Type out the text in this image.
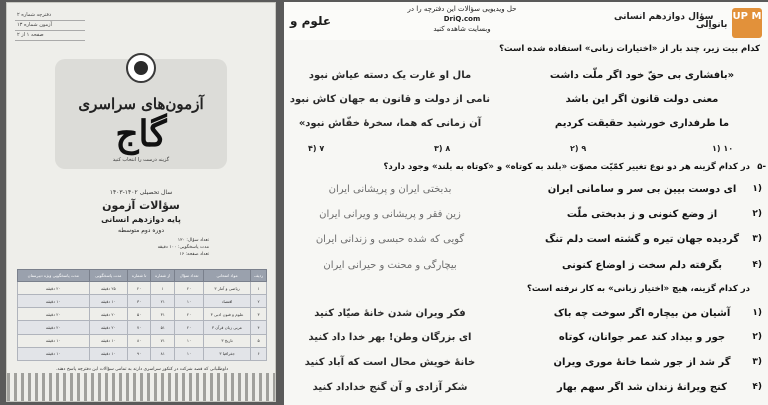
دفترچه شماره ۲
آزمون شماره ۱۳
صفحه ۱ از ۲
آزمون‌های سراسری
گاج
گزینه درست را انتخاب کنید
سال تحصیلی ۱۴۰۲-۱۴۰۳
سؤالات آزمون
پایه دوازدهم انسانی
دوره دوم متوسطه
تعداد سؤال: ۱۲۰
مدت پاسخگویی: ۱۰۰ دقیقه
تعداد صفحه: ۱۶
ردیف	مواد امتحانی	تعداد سؤال	از شماره	تا شماره	مدت پاسخگویی	مدت پاسخگویی ویژه دبیرستان
۱	ریاضی و آمار ۳	۲۰	۱	۲۰	۲۵ دقیقه	۲۰ دقیقه
۲	اقتصاد	۱۰	۲۱	۳۰	۱۰ دقیقه	۱۰ دقیقه
۳	علوم و فنون ادبی ۳	۲۰	۳۱	۵۰	۲۰ دقیقه	۲۰ دقیقه
۴	عربی زبان قرآن ۳	۲۰	۵۱	۷۰	۲۰ دقیقه	۲۰ دقیقه
۵	تاریخ ۳	۱۰	۷۱	۸۰	۱۰ دقیقه	۱۰ دقیقه
۶	جغرافیا ۳	۱۰	۸۱	۹۰	۱۰ دقیقه	۱۰ دقیقه
داوطلبانی که قصد شرکت در کنکور سراسری دارند به تمامی سؤالات این دفترچه پاسخ دهند.
علوم و
حل ویدیویی سؤالات این دفترچه را در
DriQ.com
وبسایت شاهده کنید
سؤال دوازدهم انسانی
بانواِلی
UP M
کدام بیت زیر، چند بار از «اختیارات زبانی» استفاده شده است؟
«بافشاری بی حقّ خود اگر ملّت داشت
مال او غارت یک دسته عیاش نبود
معنی دولت قانون اگر این باشد
نامی از دولت و قانون به جهان کاش نبود
ما طرفداری خورشید حقیقت کردیم
آن زمانی که هما، سخرهٔ خفّاش نبود»
۱۰ (۱
۹ (۲
۸ (۳
۷ (۴
۵-
در کدام گزینه هر دو نوع تغییر کمّیّت مصوّت «بلند به کوتاه» و «کوتاه به بلند» وجود دارد؟
۱)
ای دوست بیین بی سر و سامانی ایران
بدبختی ایران و پریشانی ایران
۲)
از وضع کنونی و ز بدبختی ملّت
زین فقر و پریشانی و ویرانی ایران
۳)
گردیده جهان تیره و گشته است دلم تنگ
گویی که شده حبسی و زندانی ایران
۴)
بگرفته دلم سخت ز اوضاع کنونی
بیچارگی و محنت و حیرانی ایران
در کدام گزینه، هیچ «اختیار زبانی» به کار نرفته است؟
۱)
آشیان من بیچاره اگر سوخت چه باک
فکر ویران شدن خانهٔ صیّاد کنید
۲)
جور و بیداد کند عمر جوانان، کوتاه
ای بزرگان وطن! بهر خدا داد کنید
۳)
گر شد از جور شما خانهٔ موری ویران
خانهٔ خویش محال است که آباد کنید
۴)
کنج ویرانهٔ زندان شد اگر سهم بهار
شکر آزادی و آن گنج خداداد کنید
